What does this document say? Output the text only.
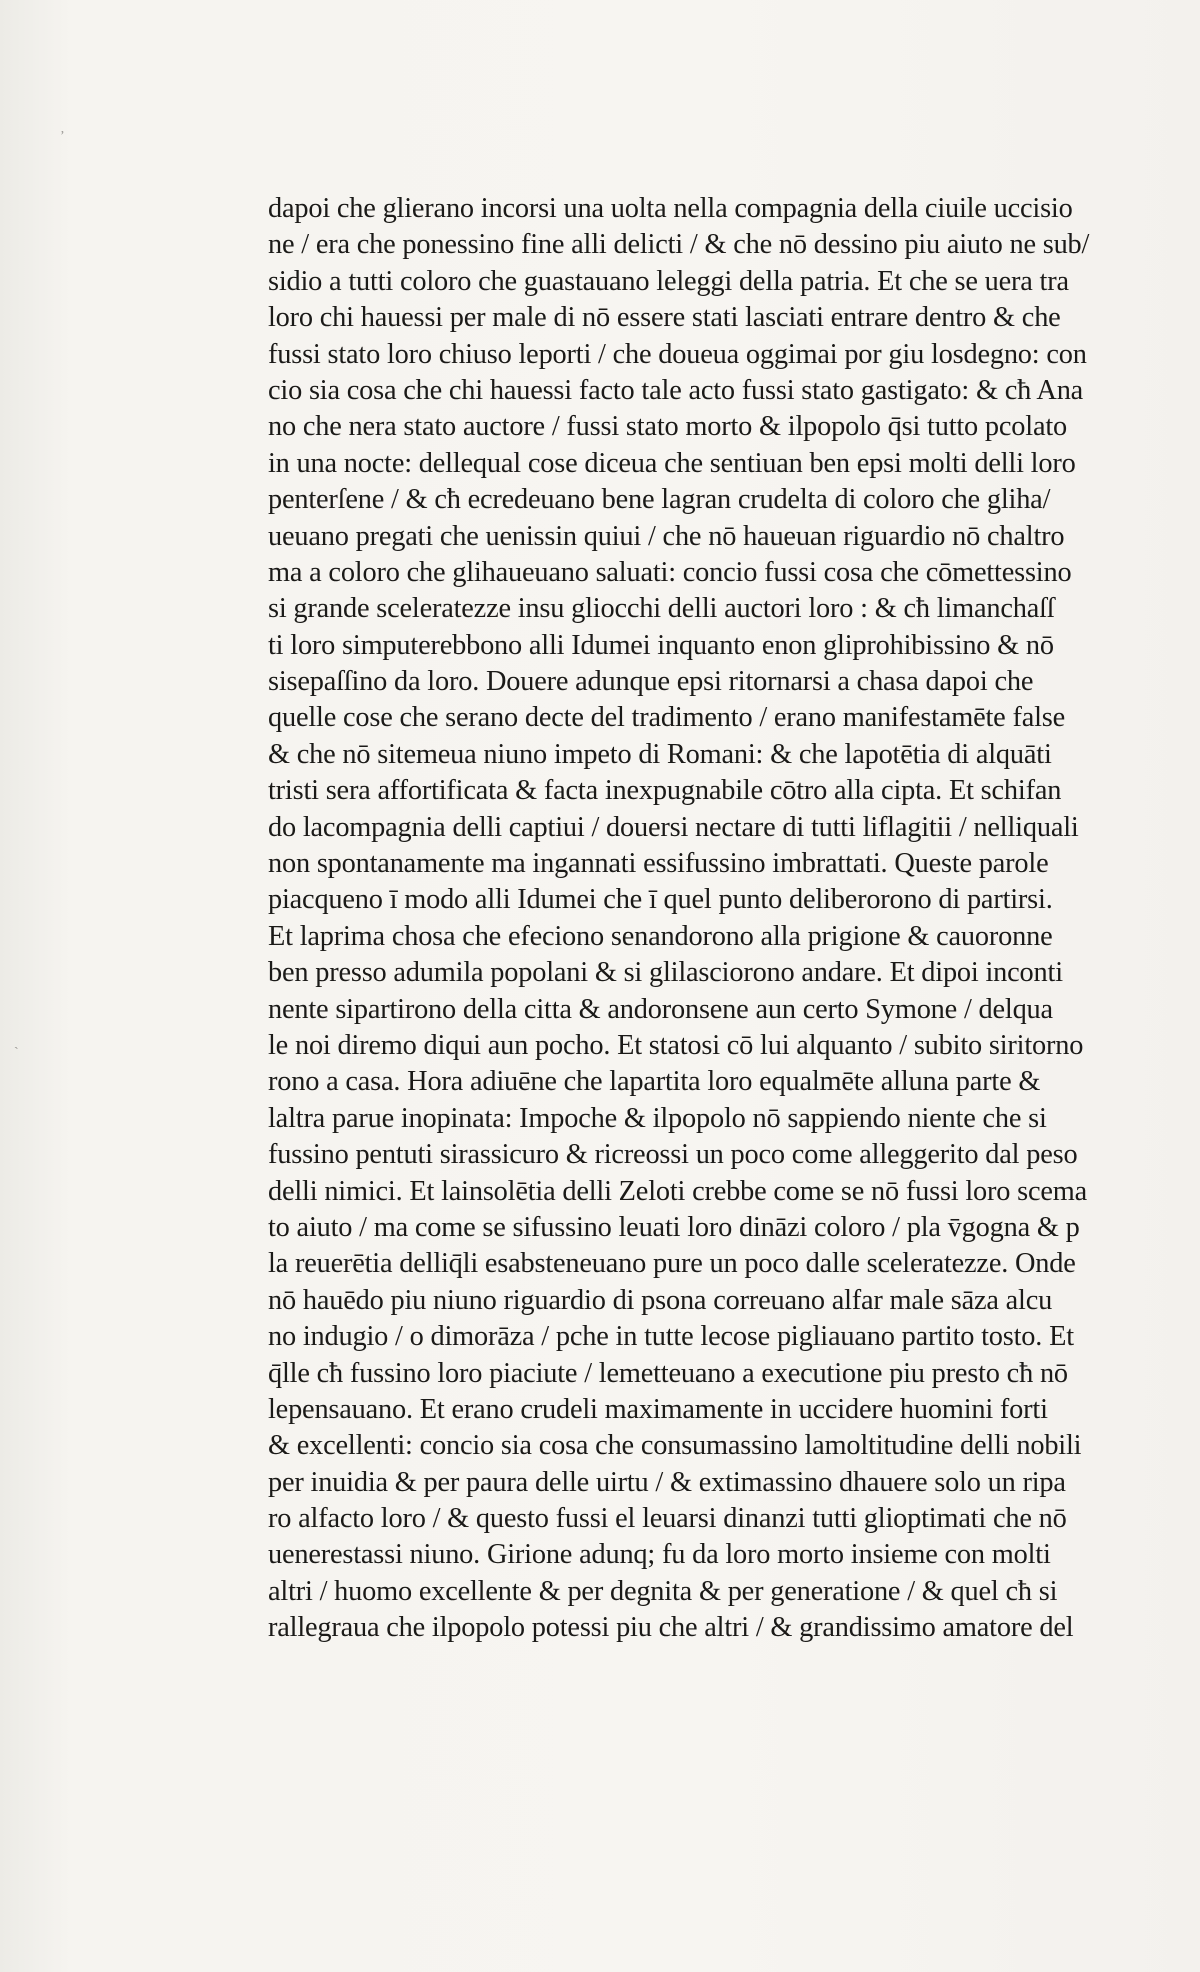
ʼ
ˏ
dapoi che glierano incorsi una uolta nella compagnia della ciuile uccisio
ne / era che ponessino fine alli delicti / & che nō dessino piu aiuto ne sub/
sidio a tutti coloro che guastauano leleggi della patria. Et che se uera tra
loro chi hauessi per male di nō essere stati lasciati entrare dentro & che
fussi stato loro chiuso leporti / che doueua oggimai por giu losdegno: con
cio sia cosa che chi hauessi facto tale acto fussi stato gastigato: & cħ Ana
no che nera stato auctore / fussi stato morto & ilpopolo q̄si tutto pcolato
in una nocte: dellequal cose diceua che sentiuan ben epsi molti delli loro
penterſene / & cħ ecredeuano bene lagran crudelta di coloro che gliha/
ueuano pregati che uenissin quiui / che nō haueuan riguardio nō chaltro
ma a coloro che glihaueuano saluati: concio fussi cosa che cōmettessino
si grande sceleratezze insu gliocchi delli auctori loro : & cħ limanchaſſ
ti loro simputerebbono alli Idumei inquanto enon gliprohibissino & nō
sisepaſſino da loro. Douere adunque epsi ritornarsi a chasa dapoi che
quelle cose che serano decte del tradimento / erano manifestamēte false
& che nō sitemeua niuno impeto di Romani: & che lapotētia di alquāti
tristi sera affortificata & facta inexpugnabile cōtro alla cipta. Et schifan
do lacompagnia delli captiui / douersi nectare di tutti liflagitii / nelliquali
non spontanamente ma ingannati essifussino imbrattati. Queste parole
piacqueno ī modo alli Idumei che ī quel punto deliberorono di partirsi.
Et laprima chosa che efeciono senandorono alla prigione & cauoronne
ben presso adumila popolani & si glilasciorono andare. Et dipoi inconti
nente sipartirono della citta & andoronsene aun certo Symone / delqua
le noi diremo diqui aun pocho. Et statosi cō lui alquanto / subito siritorno
rono a casa. Hora adiuēne che lapartita loro equalmēte alluna parte &
laltra parue inopinata: Impoche & ilpopolo nō sappiendo niente che si
fussino pentuti sirassicuro & ricreossi un poco come alleggerito dal peso
delli nimici. Et lainsolētia delli Zeloti crebbe come se nō fussi loro scema
to aiuto / ma come se sifussino leuati loro dināzi coloro / pla v̄gogna & p
la reuerētia delliq̄li esabsteneuano pure un poco dalle sceleratezze. Onde
nō hauēdo piu niuno riguardio di psona correuano alfar male sāza alcu
no indugio / o dimorāza / pche in tutte lecose pigliauano partito tosto. Et
q̄lle cħ fussino loro piaciute / lemetteuano a executione piu presto cħ nō
lepensauano. Et erano crudeli maximamente in uccidere huomini forti
& excellenti: concio sia cosa che consumassino lamoltitudine delli nobili
per inuidia & per paura delle uirtu / & extimassino dhauere solo un ripa
ro alfacto loro / & questo fussi el leuarsi dinanzi tutti glioptimati che nō
uenerestassi niuno. Girione adunq; fu da loro morto insieme con molti
altri / huomo excellente & per degnita & per generatione / & quel cħ si
rallegraua che ilpopolo potessi piu che altri / & grandissimo amatore del
